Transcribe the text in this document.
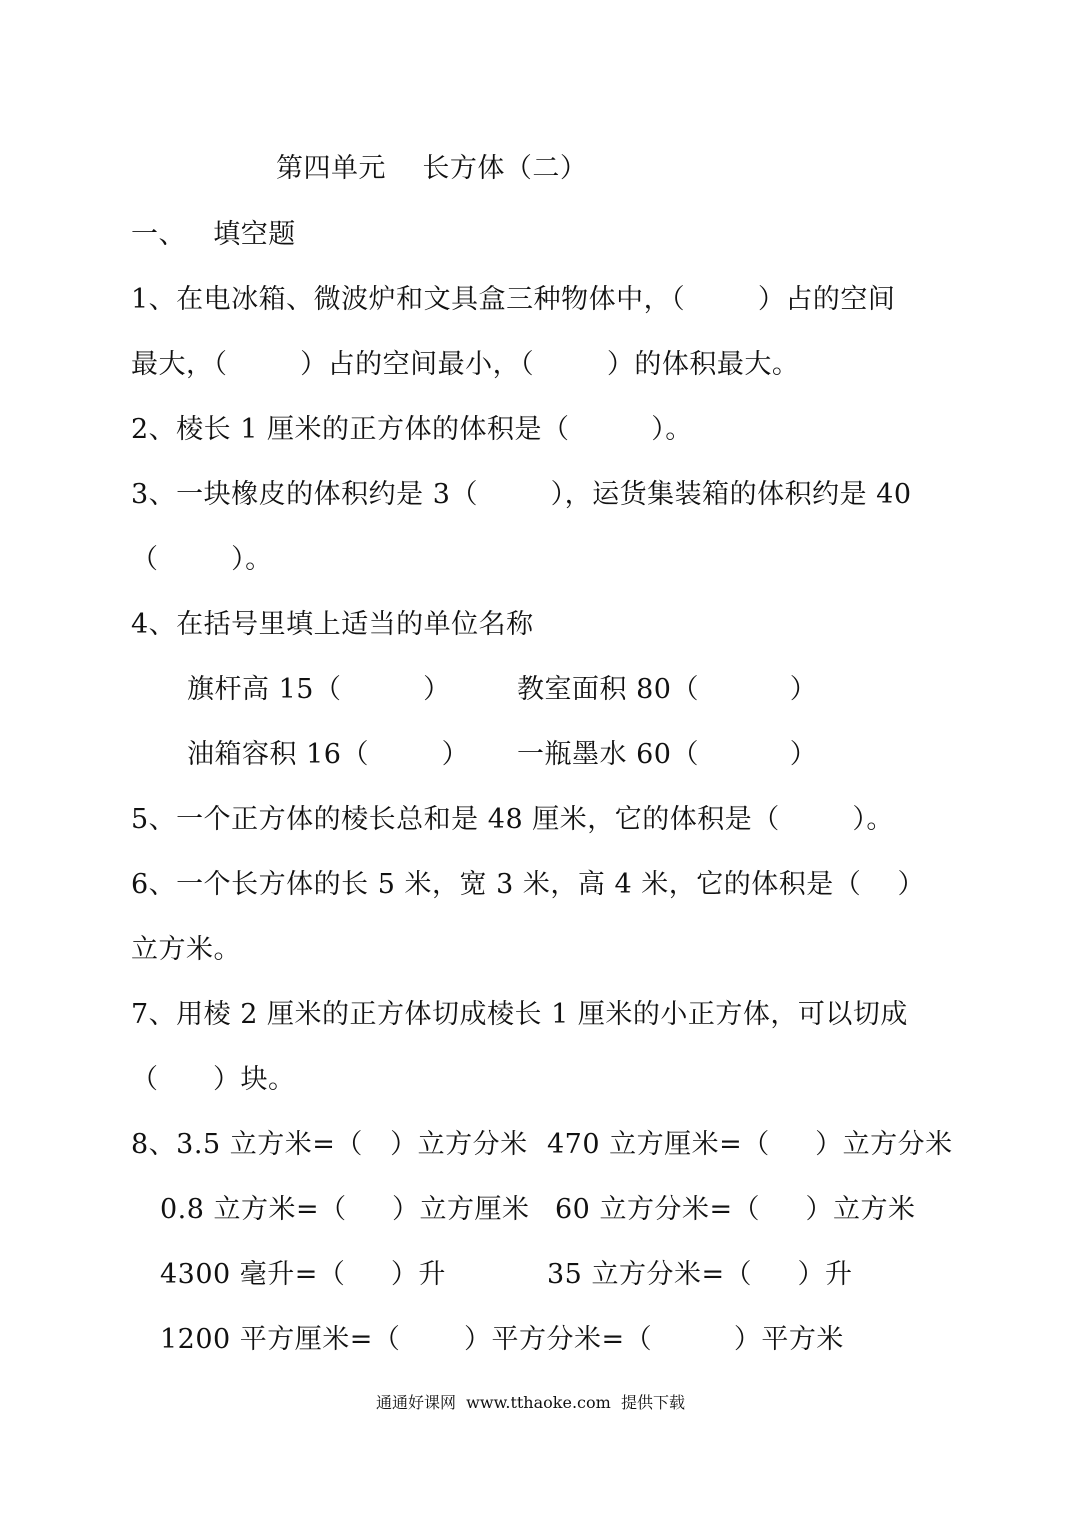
第四单元    长方体（二）
一、   填空题
1、在电冰箱、微波炉和文具盒三种物体中，（        ）占的空间
最大，（        ）占的空间最小，（        ）的体积最大。
2、棱长 1 厘米的正方体的体积是（         ）。
3、一块橡皮的体积约是 3（        ），运货集装箱的体积约是 40
（        ）。
4、在括号里填上适当的单位名称
旗杆高 15（         ） 教室面积 80（          ）
油箱容积 16（        ） 一瓶墨水 60（          ）
5、一个正方体的棱长总和是 48 厘米，它的体积是（        ）。
6、一个长方体的长 5 米，宽 3 米，高 4 米，它的体积是（    ）
立方米。
7、用棱 2 厘米的正方体切成棱长 1 厘米的小正方体，可以切成
（      ）块。
8、3.5 立方米=（   ）立方分米 470 立方厘米=（     ）立方分米
0.8 立方米=（     ）立方厘米 60 立方分米=（     ）立方米
4300 毫升=（     ）升	35 立方分米=（     ）升
1200 平方厘米=（       ）平方分米=（         ）平方米
通通好课网  www.tthaoke.com  提供下载
